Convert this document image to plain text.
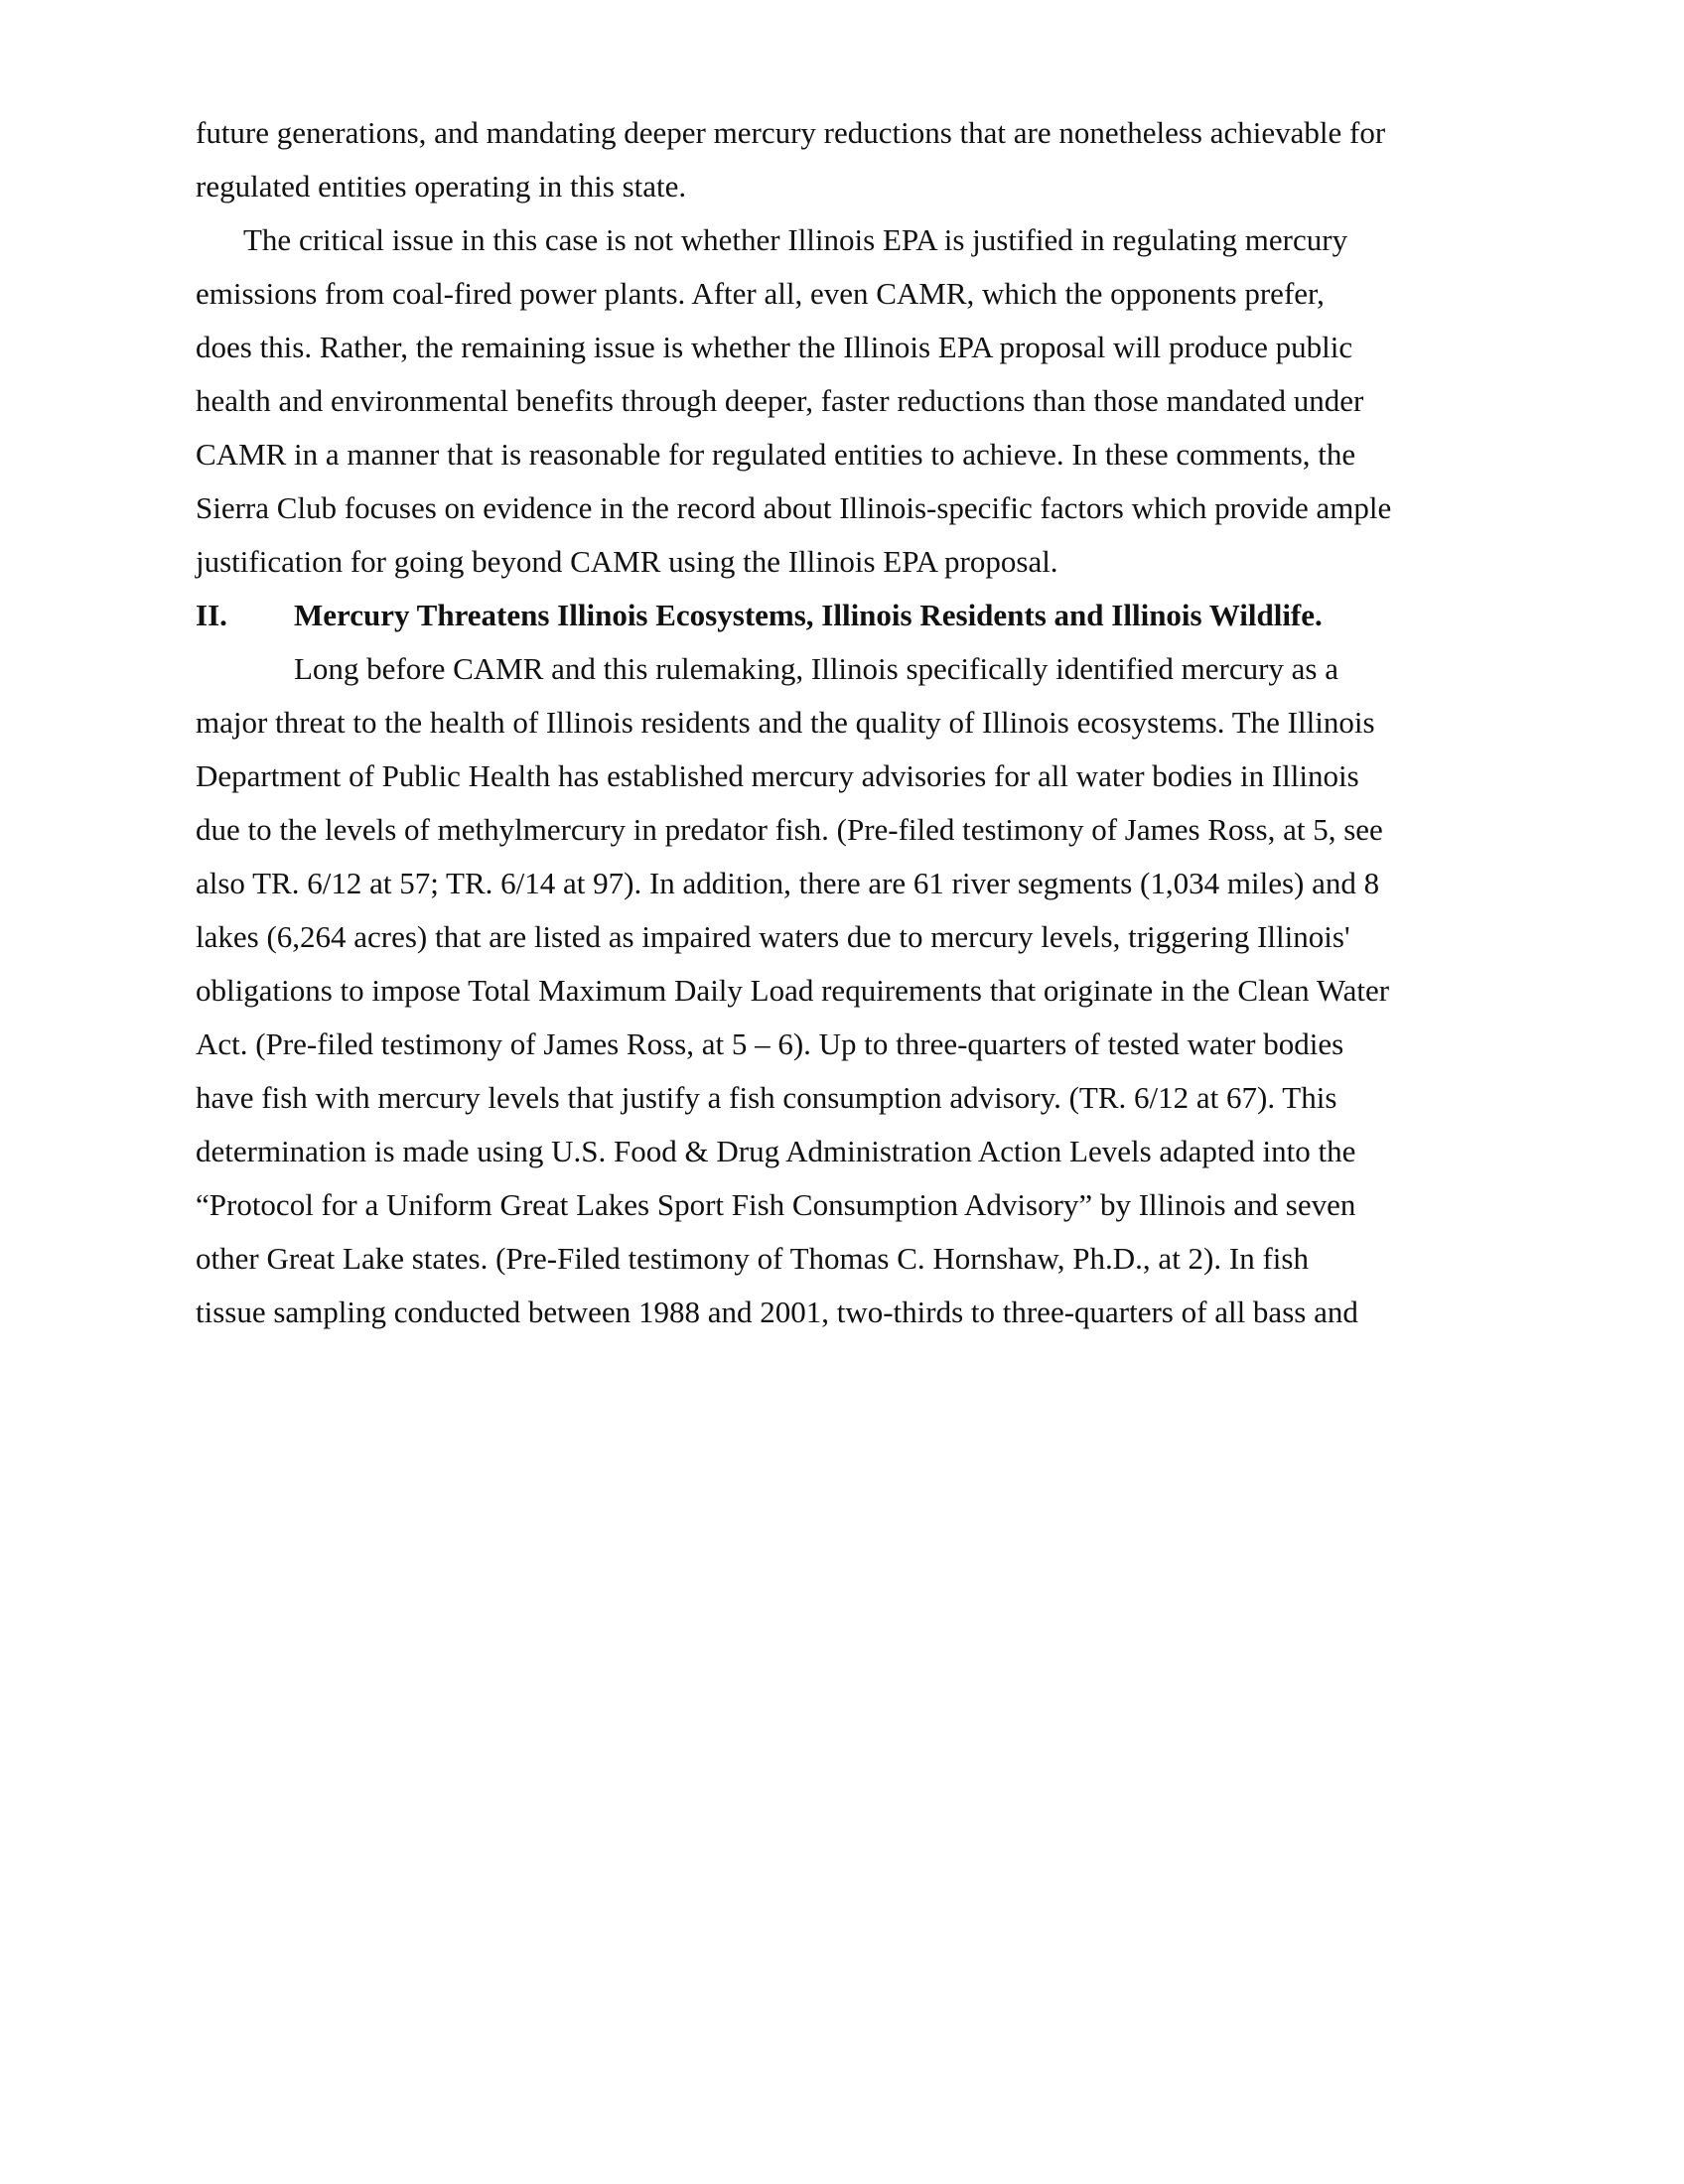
future generations, and mandating deeper mercury reductions that are nonetheless achievable for
regulated entities operating in this state.
The critical issue in this case is not whether Illinois EPA is justified in regulating mercury
emissions from coal-fired power plants. After all, even CAMR, which the opponents prefer,
does this. Rather, the remaining issue is whether the Illinois EPA proposal will produce public
health and environmental benefits through deeper, faster reductions than those mandated under
CAMR in a manner that is reasonable for regulated entities to achieve. In these comments, the
Sierra Club focuses on evidence in the record about Illinois-specific factors which provide ample
justification for going beyond CAMR using the Illinois EPA proposal.
II. Mercury Threatens Illinois Ecosystems, Illinois Residents and Illinois Wildlife.
Long before CAMR and this rulemaking, Illinois specifically identified mercury as a
major threat to the health of Illinois residents and the quality of Illinois ecosystems. The Illinois
Department of Public Health has established mercury advisories for all water bodies in Illinois
due to the levels of methylmercury in predator fish. (Pre-filed testimony of James Ross, at 5, see
also TR. 6/12 at 57; TR. 6/14 at 97). In addition, there are 61 river segments (1,034 miles) and 8
lakes (6,264 acres) that are listed as impaired waters due to mercury levels, triggering Illinois'
obligations to impose Total Maximum Daily Load requirements that originate in the Clean Water
Act. (Pre-filed testimony of James Ross, at 5 – 6). Up to three-quarters of tested water bodies
have fish with mercury levels that justify a fish consumption advisory. (TR. 6/12 at 67). This
determination is made using U.S. Food & Drug Administration Action Levels adapted into the
“Protocol for a Uniform Great Lakes Sport Fish Consumption Advisory” by Illinois and seven
other Great Lake states. (Pre-Filed testimony of Thomas C. Hornshaw, Ph.D., at 2). In fish
tissue sampling conducted between 1988 and 2001, two-thirds to three-quarters of all bass and
